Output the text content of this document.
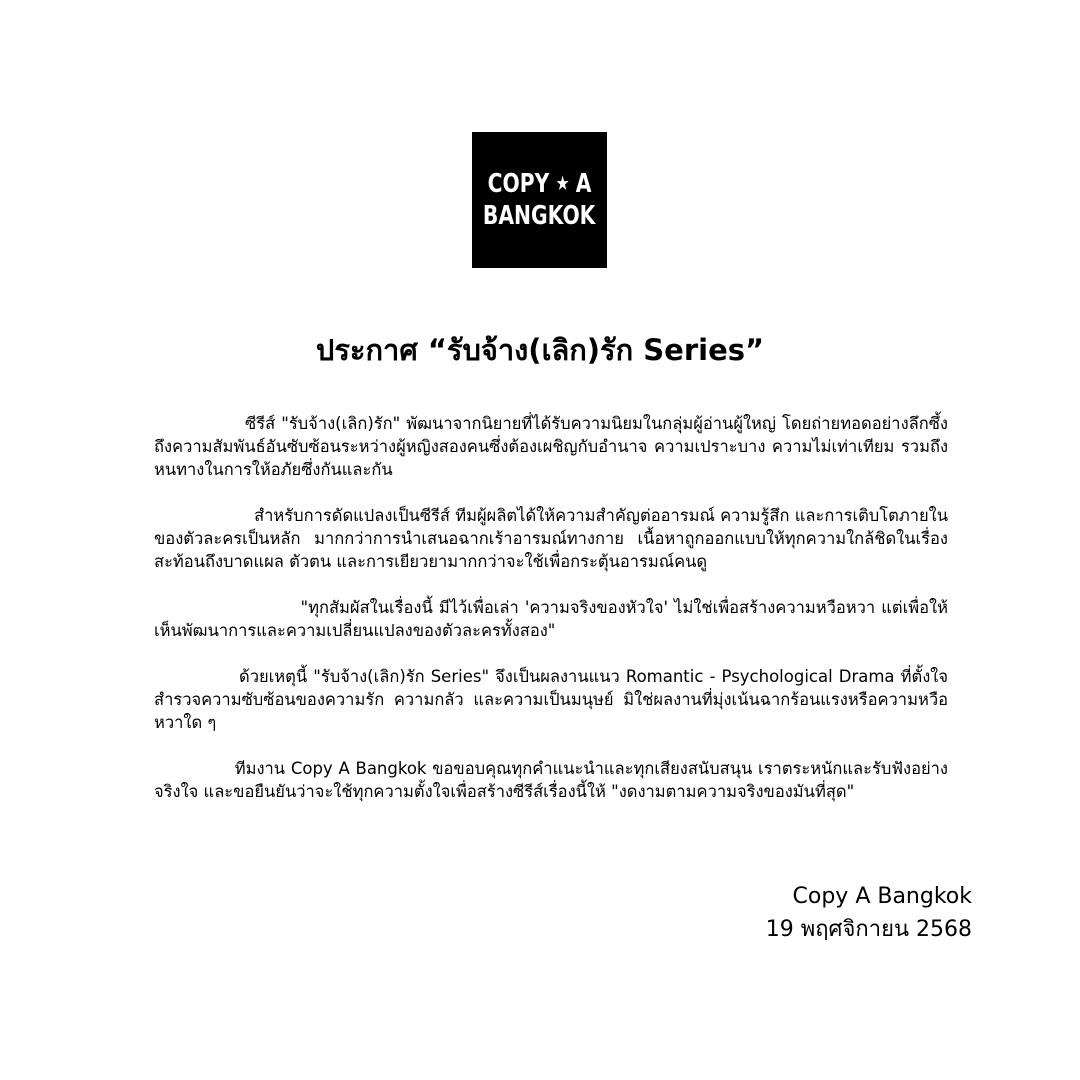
COPY ★ A
BANGKOK
ประกาศ “รับจ้าง(เลิก)รัก Series”

ซีรีส์ "รับจ้าง(เลิก)รัก" พัฒนาจากนิยายที่ได้รับความนิยมในกลุ่มผู้อ่านผู้ใหญ่ โดยถ่ายทอดอย่างลึกซึ้งถึงความสัมพันธ์อันซับซ้อนระหว่างผู้หญิงสองคนซึ่งต้องเผชิญกับอำนาจ ความเปราะบาง ความไม่เท่าเทียม รวมถึงหนทางในการให้อภัยซึ่งกันและกัน

สำหรับการดัดแปลงเป็นซีรีส์ ทีมผู้ผลิตได้ให้ความสำคัญต่ออารมณ์ ความรู้สึก และการเติบโตภายในของตัวละครเป็นหลัก มากกว่าการนำเสนอฉากเร้าอารมณ์ทางกาย เนื้อหาถูกออกแบบให้ทุกความใกล้ชิดในเรื่องสะท้อนถึงบาดแผล ตัวตน และการเยียวยามากกว่าจะใช้เพื่อกระตุ้นอารมณ์คนดู

"ทุกสัมผัสในเรื่องนี้ มีไว้เพื่อเล่า 'ความจริงของหัวใจ' ไม่ใช่เพื่อสร้างความหวือหวา แต่เพื่อให้เห็นพัฒนาการและความเปลี่ยนแปลงของตัวละครทั้งสอง"

ด้วยเหตุนี้ "รับจ้าง(เลิก)รัก Series" จึงเป็นผลงานแนว Romantic - Psychological Drama ที่ตั้งใจสำรวจความซับซ้อนของความรัก ความกลัว และความเป็นมนุษย์ มิใช่ผลงานที่มุ่งเน้นฉากร้อนแรงหรือความหวือหวาใด ๆ

ทีมงาน Copy A Bangkok ขอขอบคุณทุกคำแนะนำและทุกเสียงสนับสนุน เราตระหนักและรับฟังอย่างจริงใจ และขอยืนยันว่าจะใช้ทุกความตั้งใจเพื่อสร้างซีรีส์เรื่องนี้ให้ "งดงามตามความจริงของมันที่สุด"

Copy A Bangkok
19 พฤศจิกายน 2568
